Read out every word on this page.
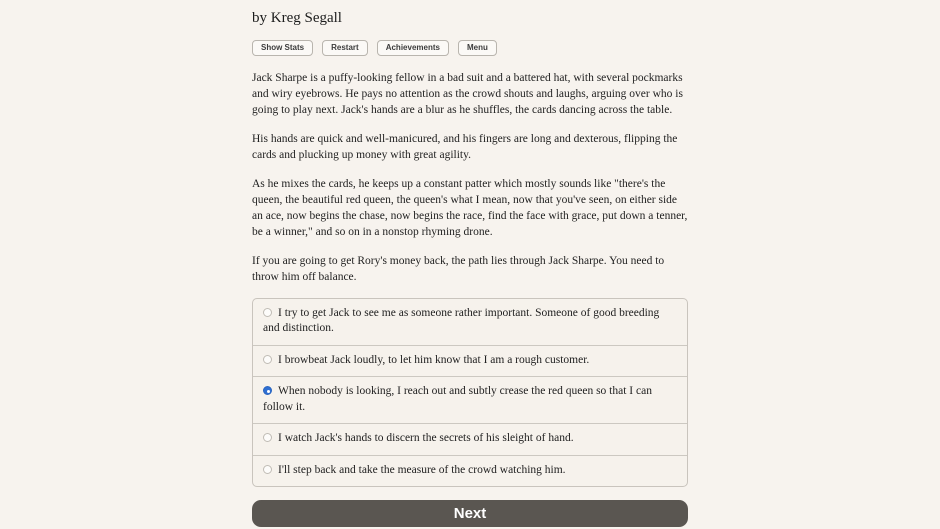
by Kreg Segall
Show Stats	Restart	Achievements	Menu

Jack Sharpe is a puffy-looking fellow in a bad suit and a battered hat, with several pockmarks and wiry eyebrows. He pays no attention as the crowd shouts and laughs, arguing over who is going to play next. Jack's hands are a blur as he shuffles, the cards dancing across the table.

His hands are quick and well-manicured, and his fingers are long and dexterous, flipping the cards and plucking up money with great agility.

As he mixes the cards, he keeps up a constant patter which mostly sounds like "there's the queen, the beautiful red queen, the queen's what I mean, now that you've seen, on either side an ace, now begins the chase, now begins the race, find the face with grace, put down a tenner, be a winner," and so on in a nonstop rhyming drone.

If you are going to get Rory's money back, the path lies through Jack Sharpe. You need to throw him off balance.

I try to get Jack to see me as someone rather important. Someone of good breeding and distinction.
I browbeat Jack loudly, to let him know that I am a rough customer.
When nobody is looking, I reach out and subtly crease the red queen so that I can follow it.
I watch Jack's hands to discern the secrets of his sleight of hand.
I'll step back and take the measure of the crowd watching him.
Next
